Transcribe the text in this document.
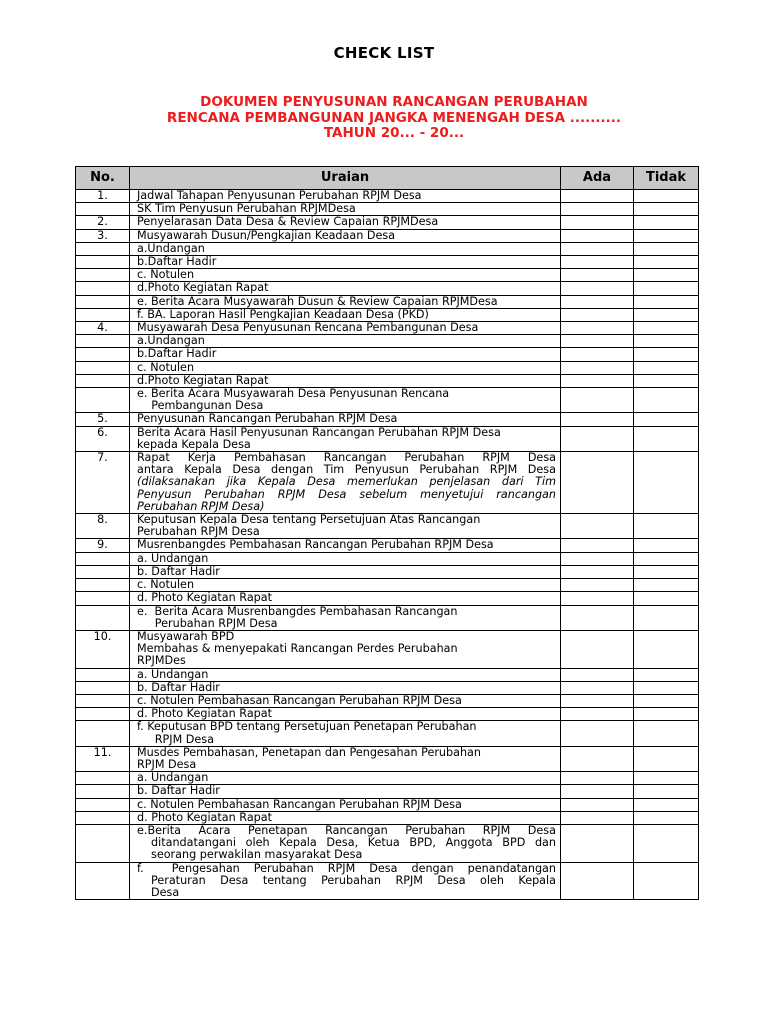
CHECK LIST
DOKUMEN PENYUSUNAN RANCANGAN PERUBAHAN
RENCANA PEMBANGUNAN JANGKA MENENGAH DESA ..........
TAHUN 20... - 20...
No.	Uraian	Ada	Tidak
1.	Jadwal Tahapan Penyusunan Perubahan RPJM Desa		

	SK Tim Penyusun Perubahan RPJMDesa		

2.	Penyelarasan Data Desa & Review Capaian RPJMDesa		

3.	Musyawarah Dusun/Pengkajian Keadaan Desa		

	a.Undangan		

	b.Daftar Hadir		

	c. Notulen		

	d.Photo Kegiatan Rapat		

	e. Berita Acara Musyawarah Dusun & Review Capaian RPJMDesa		

	f. BA. Laporan Hasil Pengkajian Keadaan Desa (PKD)		

4.	Musyawarah Desa Penyusunan Rencana Pembangunan Desa		

	a.Undangan		

	b.Daftar Hadir		

	c. Notulen		

	d.Photo Kegiatan Rapat		

	e. Berita Acara Musyawarah Desa Penyusunan Rencana
Pembangunan Desa		

5.	Penyusunan Rancangan Perubahan RPJM Desa		

6.	Berita Acara Hasil Penyusunan Rancangan Perubahan RPJM Desa
kepada Kepala Desa		

7.	Rapat Kerja Pembahasan Rancangan Perubahan RPJM Desa
antara Kepala Desa dengan Tim Penyusun Perubahan RPJM Desa
(dilaksanakan jika Kepala Desa memerlukan penjelasan dari Tim
Penyusun Perubahan RPJM Desa sebelum menyetujui rancangan
Perubahan RPJM Desa)		

8.	Keputusan Kepala Desa tentang Persetujuan Atas Rancangan
Perubahan RPJM Desa		

9.	Musrenbangdes Pembahasan Rancangan Perubahan RPJM Desa		

	a. Undangan		

	b. Daftar Hadir		

	c. Notulen		

	d. Photo Kegiatan Rapat		

	e.  Berita Acara Musrenbangdes Pembahasan Rancangan
Perubahan RPJM Desa		

10.	Musyawarah BPD
Membahas & menyepakati Rancangan Perdes Perubahan
RPJMDes		

	a. Undangan		

	b. Daftar Hadir		

	c. Notulen Pembahasan Rancangan Perubahan RPJM Desa		

	d. Photo Kegiatan Rapat		

	f. Keputusan BPD tentang Persetujuan Penetapan Perubahan
RPJM Desa		

11.	Musdes Pembahasan, Penetapan dan Pengesahan Perubahan
RPJM Desa		

	a. Undangan		

	b. Daftar Hadir		

	c. Notulen Pembahasan Rancangan Perubahan RPJM Desa		

	d. Photo Kegiatan Rapat		

	e.Berita Acara Penetapan Rancangan Perubahan RPJM Desa
ditandatangani oleh Kepala Desa, Ketua BPD, Anggota BPD dan
seorang perwakilan masyarakat Desa		

	f.  Pengesahan Perubahan RPJM Desa dengan penandatangan
Peraturan Desa tentang Perubahan RPJM Desa oleh Kepala
Desa		
